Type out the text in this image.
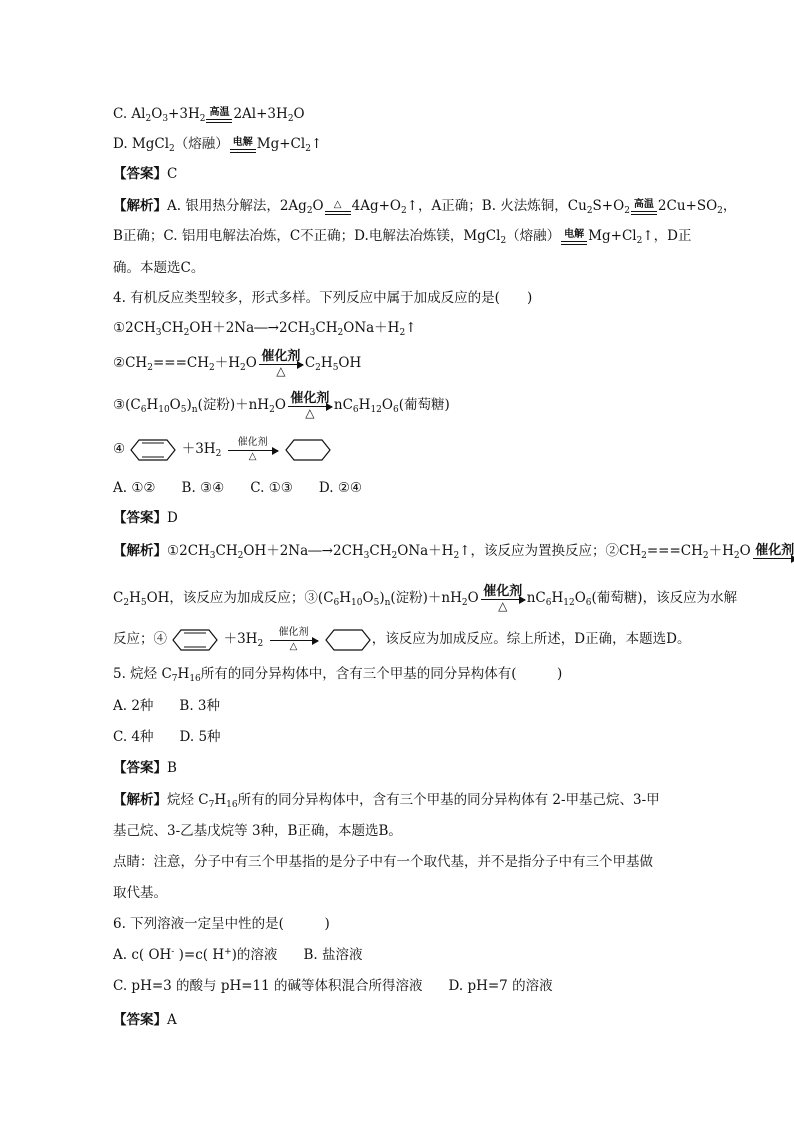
C. $Al_2O_3+3H_2$
高温 $2Al+3H_2O$
D. MgCl$_2$（熔融） 电解 $Mg+Cl_2↑$
【答案】C
【解析】A. 银用热分解法，$2Ag_2O$	△ $4Ag+O_2↑$，A正确；B. 火法炼铜，$Cu_2S+O_2$
高温 $2Cu+SO_2$，
B正确；C. 铝用电解法冶炼，C不正确；D.电解法冶炼镁，MgCl$_2$（熔融） 电解 $Mg+Cl_2↑$，D正
确。本题选C。
4. 有机反应类型较多，形式多样。下列反应中属于加成反应的是(　　)
$①2CH_3CH_2OH+2Na―\to 2CH_3CH_2ONa+H_2↑$
$②CH_2===CH_2+H_2O$ 催化剂
△	$C_2H_5OH$
$③(C_6H_{10}O_5)_n$(淀粉)$+nH_2O$ 催化剂
△	$nC_6H_{12}O_6$(葡萄糖)
④	$+3H_2$
催化剂
△

A. ①② B. ③④ C. ①③ D. ②④
【答案】D
【解析】$①2CH_3CH_2OH+2Na―\to 2CH_3CH_2ONa+H_2↑$，该反应为置换反应；$②CH_2===CH_2+H_2O$ 催化剂
$C_2H_5OH$，该反应为加成反应；$③(C_6H_{10}O_5)_n$(淀粉)$+nH_2O$ 催化剂
△	$nC_6H_{12}O_6$(葡萄糖)，该反应为水解
反应；④	$+3H_2$
催化剂
△	，该反应为加成反应。综上所述，D正确，本题选D。
5. 烷烃 $C_7H_{16}$所有的同分异构体中，含有三个甲基的同分异构体有(　　　)
A. 2种 B. 3种
C. 4种 D. 5种
【答案】B
【解析】烷烃 $C_7H_{16}$所有的同分异构体中，含有三个甲基的同分异构体有 2-甲基己烷、3-甲
基己烷、3-乙基戊烷等 3种，B正确，本题选B。
点睛：注意，分子中有三个甲基指的是分子中有一个取代基，并不是指分子中有三个甲基做
取代基。
6. 下列溶液一定呈中性的是(　　　)
A. c( OH- )=c( H+)的溶液 B. 盐溶液
C. pH=3 的酸与 pH=11 的碱等体积混合所得溶液 D. pH=7 的溶液
【答案】A
